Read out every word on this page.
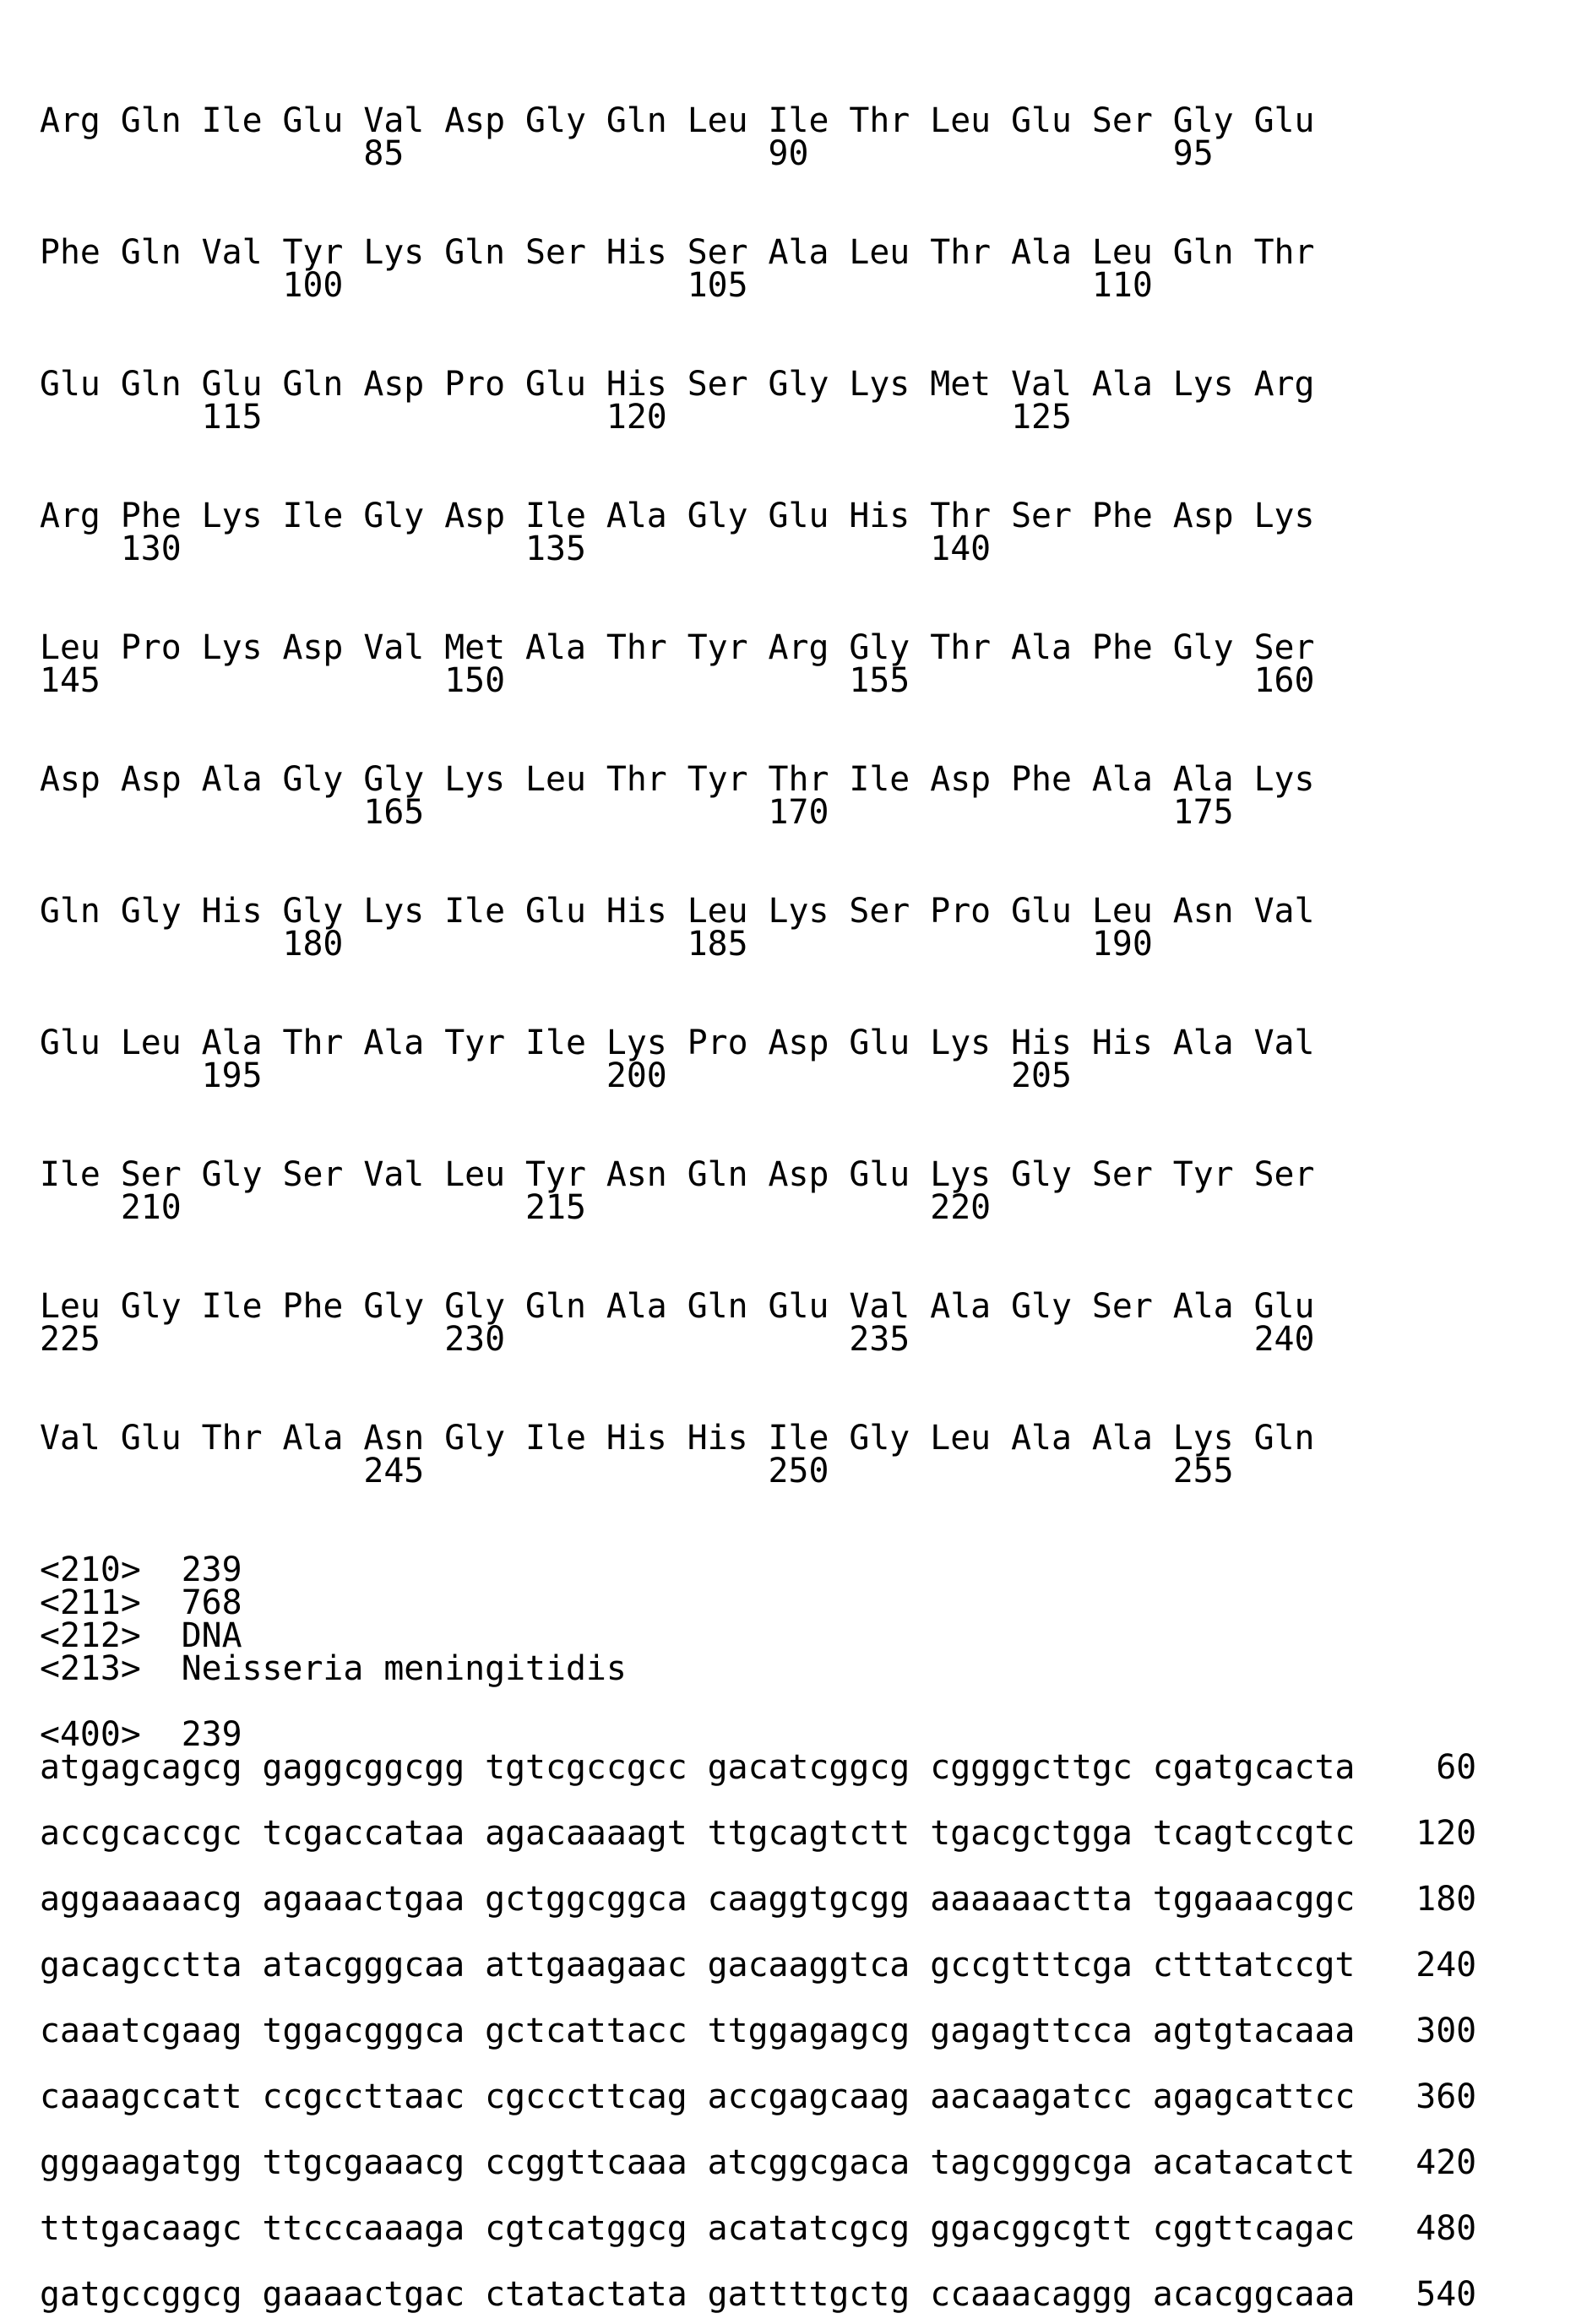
Arg Gln Ile Glu Val Asp Gly Gln Leu Ile Thr Leu Glu Ser Gly Glu
85                  90                  95
Phe Gln Val Tyr Lys Gln Ser His Ser Ala Leu Thr Ala Leu Gln Thr
100                 105                 110
Glu Gln Glu Gln Asp Pro Glu His Ser Gly Lys Met Val Ala Lys Arg
115                 120                 125
Arg Phe Lys Ile Gly Asp Ile Ala Gly Glu His Thr Ser Phe Asp Lys
130                 135                 140
Leu Pro Lys Asp Val Met Ala Thr Tyr Arg Gly Thr Ala Phe Gly Ser
145                 150                 155                 160
Asp Asp Ala Gly Gly Lys Leu Thr Tyr Thr Ile Asp Phe Ala Ala Lys
165                 170                 175
Gln Gly His Gly Lys Ile Glu His Leu Lys Ser Pro Glu Leu Asn Val
180                 185                 190
Glu Leu Ala Thr Ala Tyr Ile Lys Pro Asp Glu Lys His His Ala Val
195                 200                 205
Ile Ser Gly Ser Val Leu Tyr Asn Gln Asp Glu Lys Gly Ser Tyr Ser
210                 215                 220
Leu Gly Ile Phe Gly Gly Gln Ala Gln Glu Val Ala Gly Ser Ala Glu
225                 230                 235                 240
Val Glu Thr Ala Asn Gly Ile His His Ile Gly Leu Ala Ala Lys Gln
245                 250                 255
<210>  239
<211>  768
<212>  DNA
<213>  Neisseria meningitidis
<400>  239
atgagcagcg gaggcggcgg tgtcgccgcc gacatcggcg cggggcttgc cgatgcacta    60
accgcaccgc tcgaccataa agacaaaagt ttgcagtctt tgacgctgga tcagtccgtc   120
aggaaaaacg agaaactgaa gctggcggca caaggtgcgg aaaaaactta tggaaacggc   180
gacagcctta atacgggcaa attgaagaac gacaaggtca gccgtttcga ctttatccgt   240
caaatcgaag tggacgggca gctcattacc ttggagagcg gagagttcca agtgtacaaa   300
caaagccatt ccgccttaac cgcccttcag accgagcaag aacaagatcc agagcattcc   360
gggaagatgg ttgcgaaacg ccggttcaaa atcggcgaca tagcgggcga acatacatct   420
tttgacaagc ttcccaaaga cgtcatggcg acatatcgcg ggacggcgtt cggttcagac   480
gatgccggcg gaaaactgac ctatactata gattttgctg ccaaacaggg acacggcaaa   540
